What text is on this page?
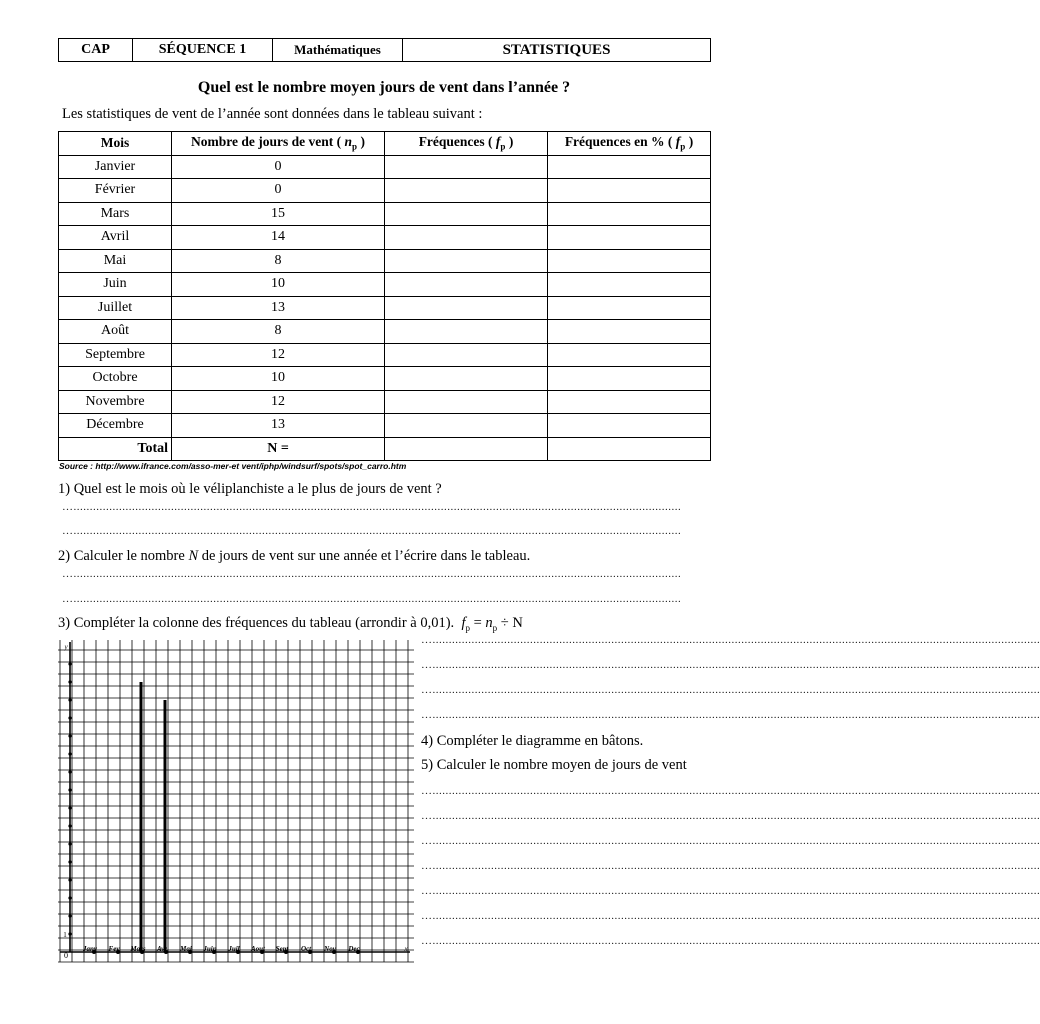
CAP	SÉQUENCE 1	Mathématiques	STATISTIQUES
Quel est le nombre moyen jours de vent dans l’année ?
Les statistiques de vent de l’année sont données dans le tableau suivant :
Mois	Nombre de jours de vent ( $n_p$ )	Fréquences ( $f_p$ )	Fréquences en % ( $f_p$ )
Janvier	0		
Février	0		
Mars	15		
Avril	14		
Mai	8		
Juin	10		
Juillet	13		
Août	8		
Septembre	12		
Octobre	10		
Novembre	12		
Décembre	13		
Total	N =		
Source : http://www.ifrance.com/asso-mer-et vent/iphp/windsurf/spots/spot_carro.htm
1) Quel est le mois où le véliplanchiste a le plus de jours de vent ?
…...........................................................................................................................................................................................
…...........................................................................................................................................................................................
2) Calculer le nombre N de jours de vent sur une année et l’écrire dans le tableau.
…...........................................................................................................................................................................................
…...........................................................................................................................................................................................
3) Compléter la colonne des fréquences du tableau (arrondir à 0,01). $f_p = n_p \div N$
…...........................................................................................................................................................................................
…...........................................................................................................................................................................................
…...........................................................................................................................................................................................
…...........................................................................................................................................................................................
4) Compléter le diagramme en bâtons.
5) Calculer le nombre moyen de jours de vent
…...........................................................................................................................................................................................
…...........................................................................................................................................................................................
…...........................................................................................................................................................................................
…...........................................................................................................................................................................................
…...........................................................................................................................................................................................
…...........................................................................................................................................................................................
…...........................................................................................................................................................................................
Janv Fev Mars Avr Mai Juin Juil Aout Sept Oct Nov Dec
0
1
y
x
